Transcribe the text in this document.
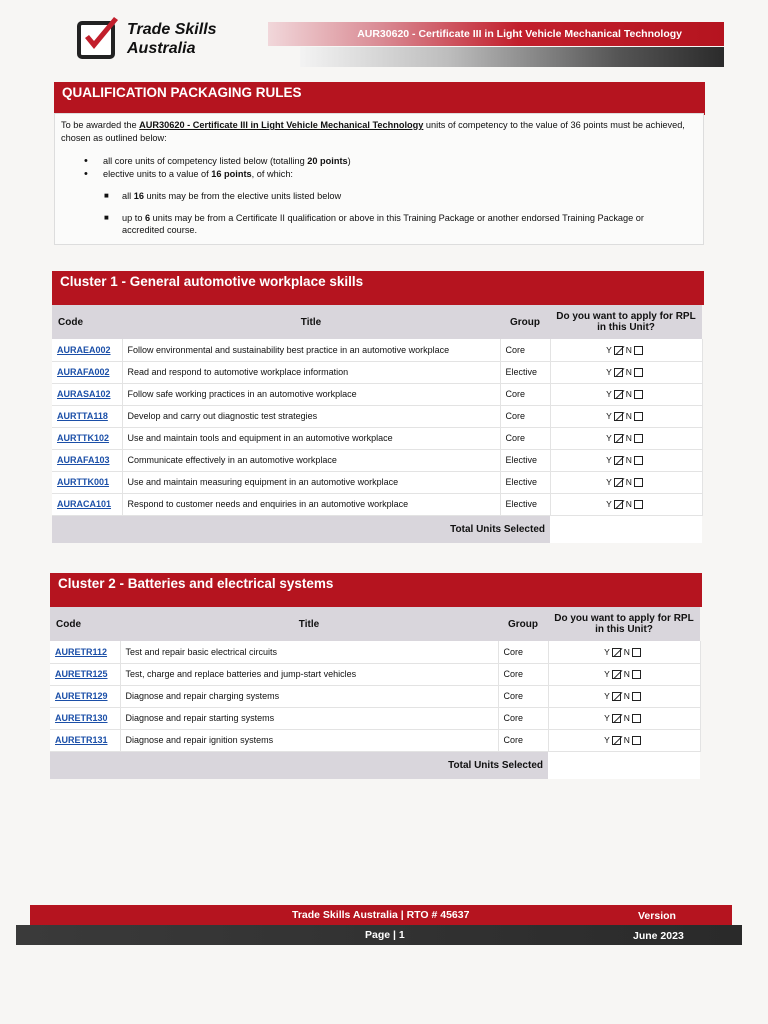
Trade Skills
Australia
AUR30620 - Certificate III in Light Vehicle Mechanical Technology
QUALIFICATION PACKAGING RULES
To be awarded the AUR30620 - Certificate III in Light Vehicle Mechanical Technology units of competency to the value of 36 points must be achieved, chosen as outlined below:
• all core units of competency listed below (totalling 20 points)
• elective units to a value of 16 points, of which:
■ all 16 units may be from the elective units listed below
■ up to 6 units may be from a Certificate II qualification or above in this Training Package or another endorsed Training Package or accredited course.
Cluster 1 - General automotive workplace skills
Code	Title	Group	Do you want to apply for RPL in this Unit?
AURAEA002	Follow environmental and sustainability best practice in an automotive workplace	Core	Y N
AURAFA002	Read and respond to automotive workplace information	Elective	Y N
AURASA102	Follow safe working practices in an automotive workplace	Core	Y N
AURTTA118	Develop and carry out diagnostic test strategies	Core	Y N
AURTTK102	Use and maintain tools and equipment in an automotive workplace	Core	Y N
AURAFA103	Communicate effectively in an automotive workplace	Elective	Y N
AURTTK001	Use and maintain measuring equipment in an automotive workplace	Elective	Y N
AURACA101	Respond to customer needs and enquiries in an automotive workplace	Elective	Y N
Total Units Selected			
Cluster 2 - Batteries and electrical systems
Code	Title	Group	Do you want to apply for RPL in this Unit?
AURETR112	Test and repair basic electrical circuits	Core	Y N
AURETR125	Test, charge and replace batteries and jump-start vehicles	Core	Y N
AURETR129	Diagnose and repair charging systems	Core	Y N
AURETR130	Diagnose and repair starting systems	Core	Y N
AURETR131	Diagnose and repair ignition systems	Core	Y N
Total Units Selected			
Trade Skills Australia | RTO # 45637	Version
Page | 1	June 2023
